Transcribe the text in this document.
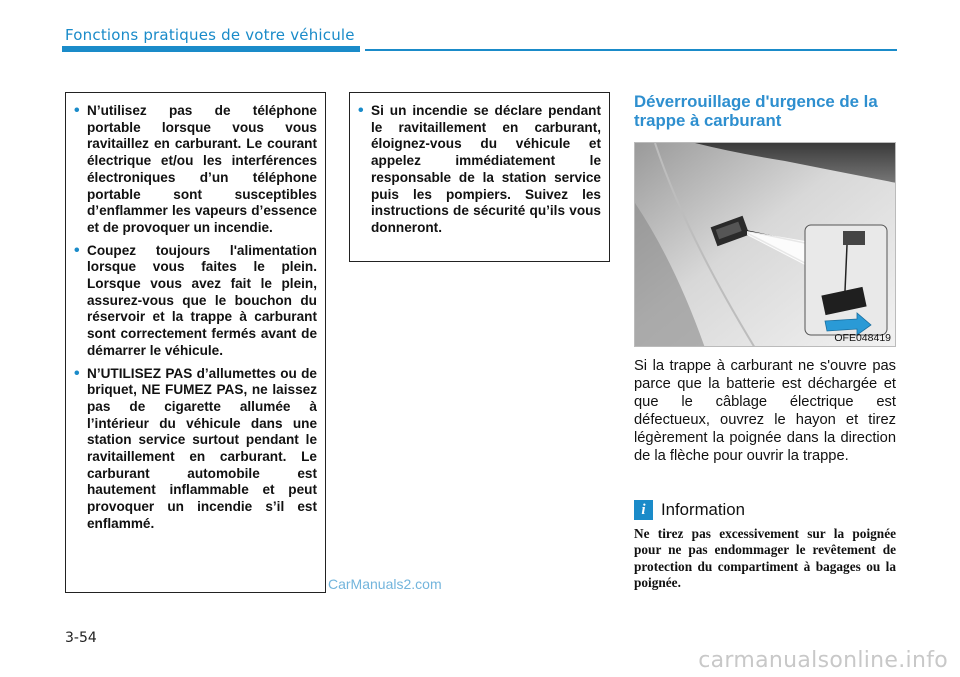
Fonctions pratiques de votre véhicule
• N’utilisez pas de téléphone portable lorsque vous vous ravitaillez en carburant. Le courant électrique et/ou les interférences électroniques d’un téléphone portable sont susceptibles d’enflammer les vapeurs d’essence et de provoquer un incendie.
• Coupez toujours l'alimentation lorsque vous faites le plein. Lorsque vous avez fait le plein, assurez-vous que le bouchon du réservoir et la trappe à carburant sont correctement fermés avant de démarrer le véhicule.
• N’UTILISEZ PAS d’allumettes ou de briquet, NE FUMEZ PAS, ne laissez pas de cigarette allumée à l’intérieur du véhicule dans une station service surtout pendant le ravitaillement en carburant. Le carburant automobile est hautement inflammable et peut provoquer un incendie s’il est enflammé.
• Si un incendie se déclare pendant le ravitaillement en carburant, éloignez-vous du véhicule et appelez immédiatement le responsable de la station service puis les pompiers. Suivez les instructions de sécurité qu’ils vous donneront.
Déverrouillage d'urgence de la trappe à carburant
OFE048419
Si la trappe à carburant ne s'ouvre pas parce que la batterie est déchargée et que le câblage électrique est défectueux, ouvrez le hayon et tirez légèrement la poignée dans la direction de la flèche pour ouvrir la trappe.
i Information
Ne tirez pas excessivement sur la poignée pour ne pas endommager le revêtement de protection du compartiment à bagages ou la poignée.
CarManuals2.com
3-54
carmanualsonline.info
